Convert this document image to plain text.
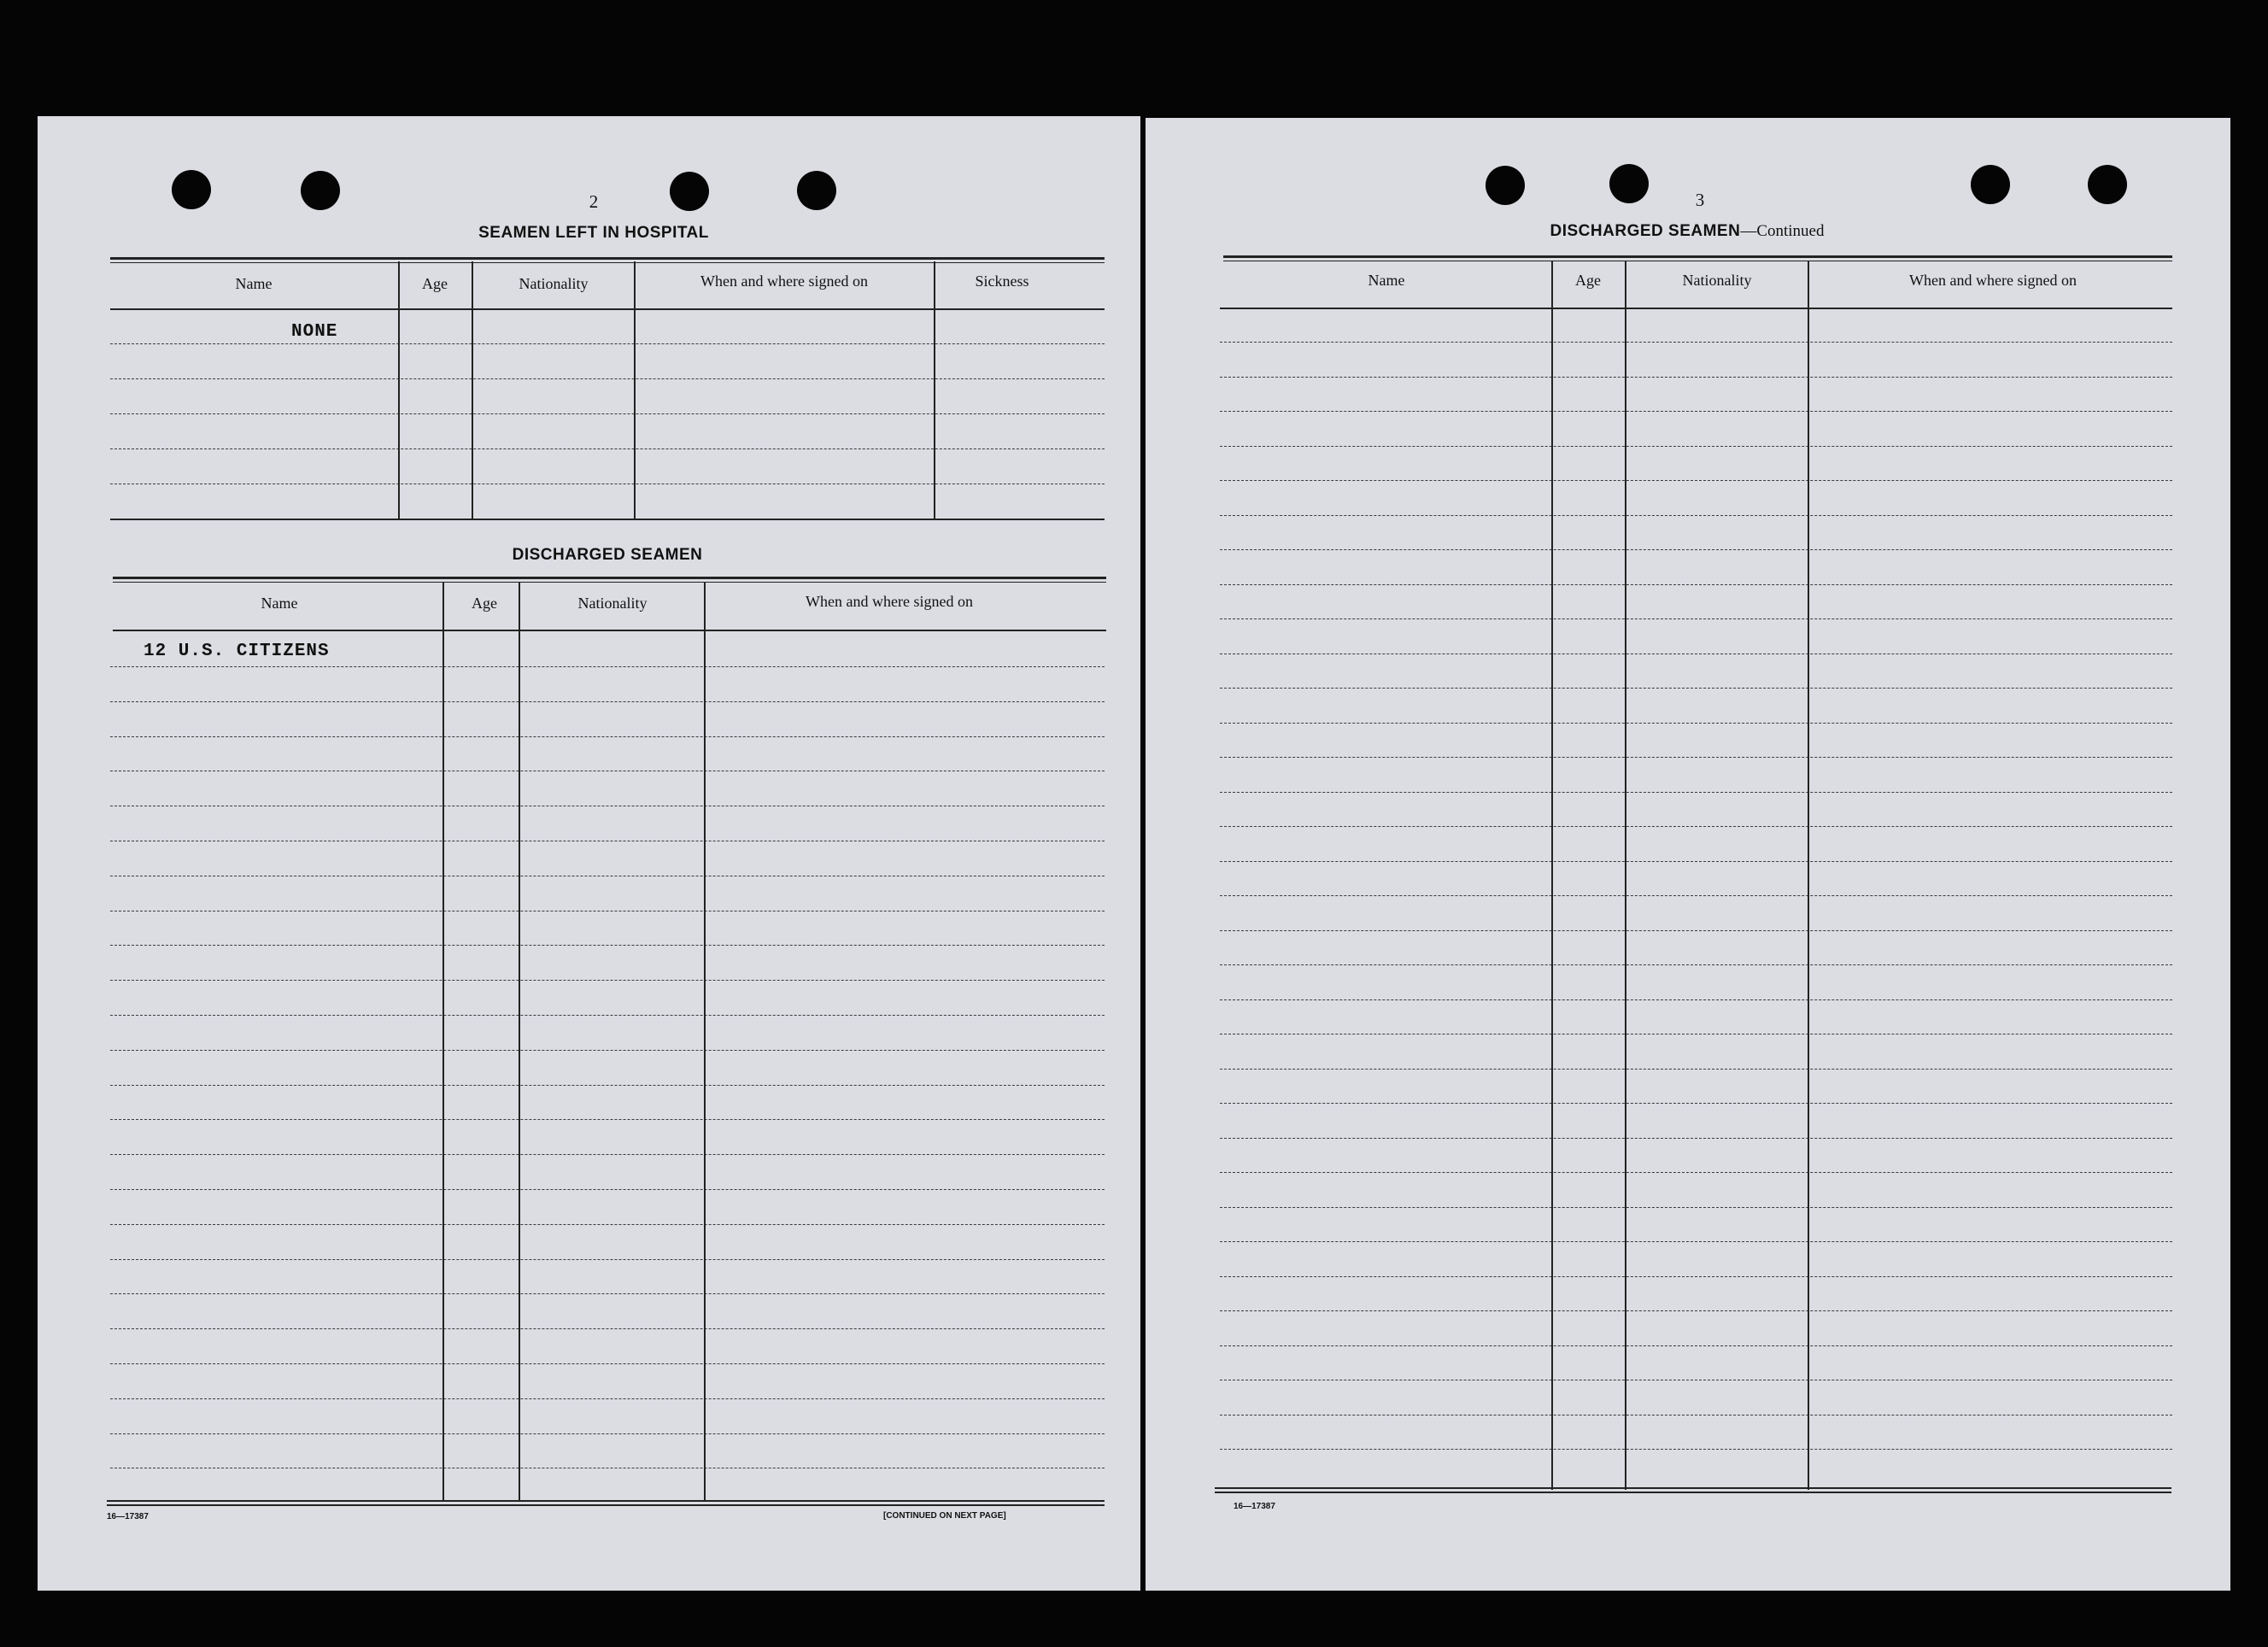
2
SEAMEN LEFT IN HOSPITAL
Name	Age	Nationality	When and where signed on	Sickness
NONE
DISCHARGED SEAMEN
Name	Age	Nationality	When and where signed on
12 U.S. CITIZENS
16—17387	[CONTINUED ON NEXT PAGE]
3
DISCHARGED SEAMEN—Continued
Name	Age	Nationality	When and where signed on
16—17387
